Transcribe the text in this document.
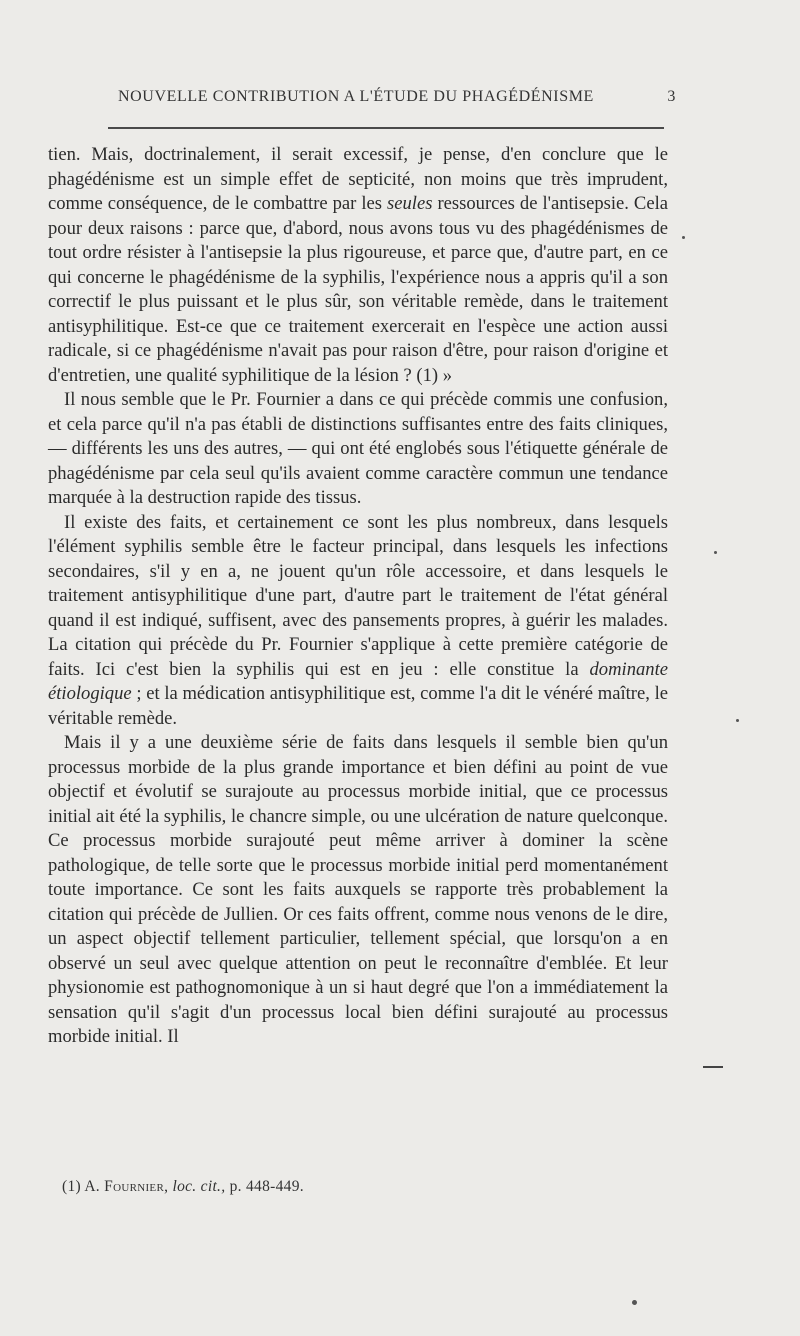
NOUVELLE CONTRIBUTION A L'ÉTUDE DU PHAGÉDÉNISME	3

tien. Mais, doctrinalement, il serait excessif, je pense, d'en conclure que le phagédénisme est un simple effet de septicité, non moins que très imprudent, comme conséquence, de le combattre par les seules ressources de l'antisepsie. Cela pour deux raisons : parce que, d'abord, nous avons tous vu des phagédénismes de tout ordre résister à l'antisepsie la plus rigoureuse, et parce que, d'autre part, en ce qui concerne le phagédénisme de la syphilis, l'expérience nous a appris qu'il a son correctif le plus puissant et le plus sûr, son véritable remède, dans le traitement antisyphilitique. Est-ce que ce traitement exercerait en l'espèce une action aussi radicale, si ce phagédénisme n'avait pas pour raison d'être, pour raison d'origine et d'entretien, une qualité syphilitique de la lésion ? (1) »

Il nous semble que le Pr. Fournier a dans ce qui précède commis une confusion, et cela parce qu'il n'a pas établi de distinctions suffisantes entre des faits cliniques, — différents les uns des autres, — qui ont été englobés sous l'étiquette générale de phagédénisme par cela seul qu'ils avaient comme caractère commun une tendance marquée à la destruction rapide des tissus.

Il existe des faits, et certainement ce sont les plus nombreux, dans lesquels l'élément syphilis semble être le facteur principal, dans lesquels les infections secondaires, s'il y en a, ne jouent qu'un rôle accessoire, et dans lesquels le traitement antisyphilitique d'une part, d'autre part le traitement de l'état général quand il est indiqué, suffisent, avec des pansements propres, à guérir les malades. La citation qui précède du Pr. Fournier s'applique à cette première catégorie de faits. Ici c'est bien la syphilis qui est en jeu : elle constitue la dominante étiologique ; et la médication antisyphilitique est, comme l'a dit le vénéré maître, le véritable remède.

Mais il y a une deuxième série de faits dans lesquels il semble bien qu'un processus morbide de la plus grande importance et bien défini au point de vue objectif et évolutif se surajoute au processus morbide initial, que ce processus initial ait été la syphilis, le chancre simple, ou une ulcération de nature quelconque. Ce processus morbide surajouté peut même arriver à dominer la scène pathologique, de telle sorte que le processus morbide initial perd momentanément toute importance. Ce sont les faits auxquels se rapporte très probablement la citation qui précède de Jullien. Or ces faits offrent, comme nous venons de le dire, un aspect objectif tellement particulier, tellement spécial, que lorsqu'on a en observé un seul avec quelque attention on peut le reconnaître d'emblée. Et leur physionomie est pathognomonique à un si haut degré que l'on a immédiatement la sensation qu'il s'agit d'un processus local bien défini surajouté au processus morbide initial. Il

(1) A. Fournier, loc. cit., p. 448-449.
